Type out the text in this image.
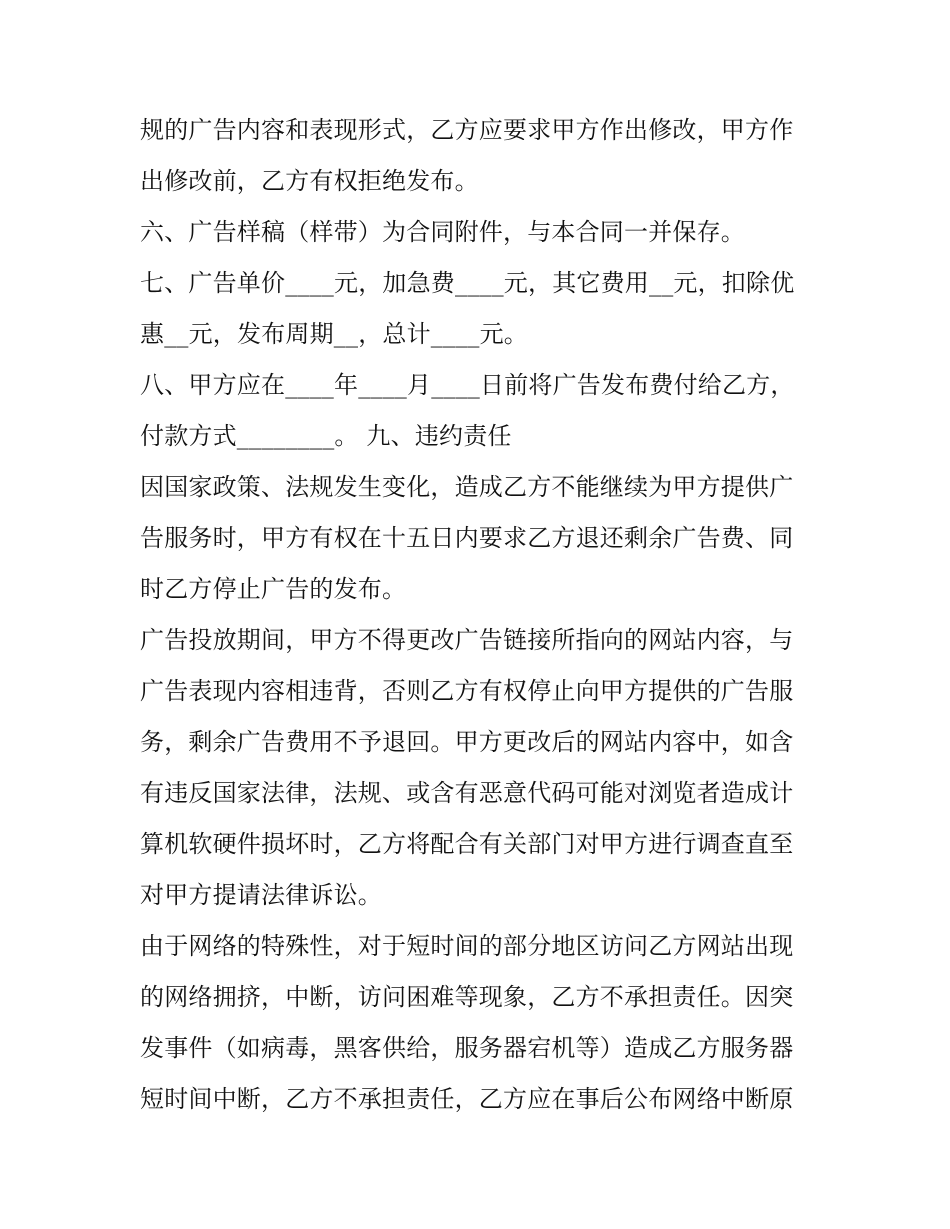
规的广告内容和表现形式，乙方应要求甲方作出修改，甲方作
出修改前，乙方有权拒绝发布。
六、广告样稿（样带）为合同附件，与本合同一并保存。
七、广告单价____元，加急费____元，其它费用__元，扣除优
惠__元，发布周期__，总计____元。
八、甲方应在____年____月____日前将广告发布费付给乙方，
付款方式________。 九、违约责任
因国家政策、法规发生变化，造成乙方不能继续为甲方提供广
告服务时，甲方有权在十五日内要求乙方退还剩余广告费、同
时乙方停止广告的发布。
广告投放期间，甲方不得更改广告链接所指向的网站内容，与
广告表现内容相违背，否则乙方有权停止向甲方提供的广告服
务，剩余广告费用不予退回。甲方更改后的网站内容中，如含
有违反国家法律，法规、或含有恶意代码可能对浏览者造成计
算机软硬件损坏时，乙方将配合有关部门对甲方进行调查直至
对甲方提请法律诉讼。
由于网络的特殊性，对于短时间的部分地区访问乙方网站出现
的网络拥挤，中断，访问困难等现象，乙方不承担责任。因突
发事件（如病毒，黑客供给，服务器宕机等）造成乙方服务器
短时间中断，乙方不承担责任，乙方应在事后公布网络中断原
